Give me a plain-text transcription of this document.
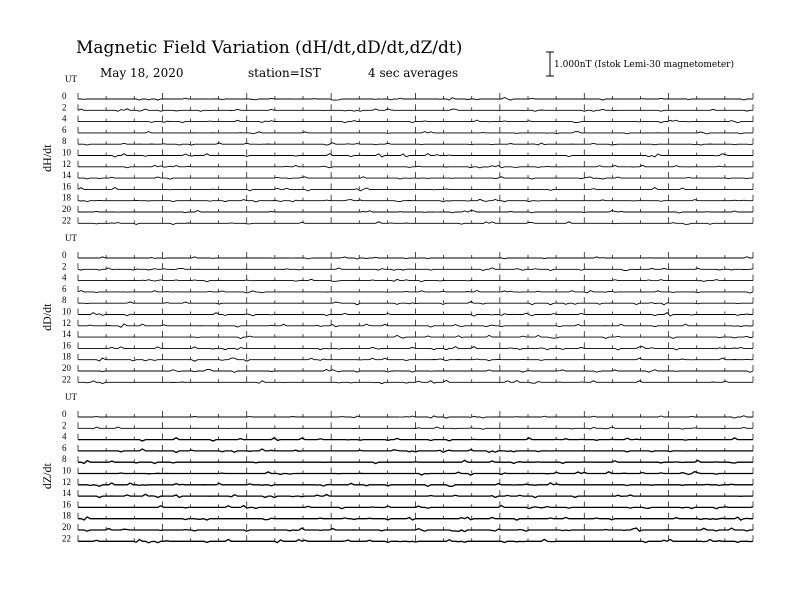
Magnetic Field Variation (dH/dt,dD/dt,dZ/dt)
May 18, 2020	station=IST	4 sec averages
1.000nT (Istok Lemi-30 magnetometer)
UT
dH/dt
0
2
4
6
8
10
12
14
16
18
20
22
UT
dD/dt
0
2
4
6
8
10
12
14
16
18
20
22
UT
dZ/dt
0
2
4
6
8
10
12
14
16
18
20
22
